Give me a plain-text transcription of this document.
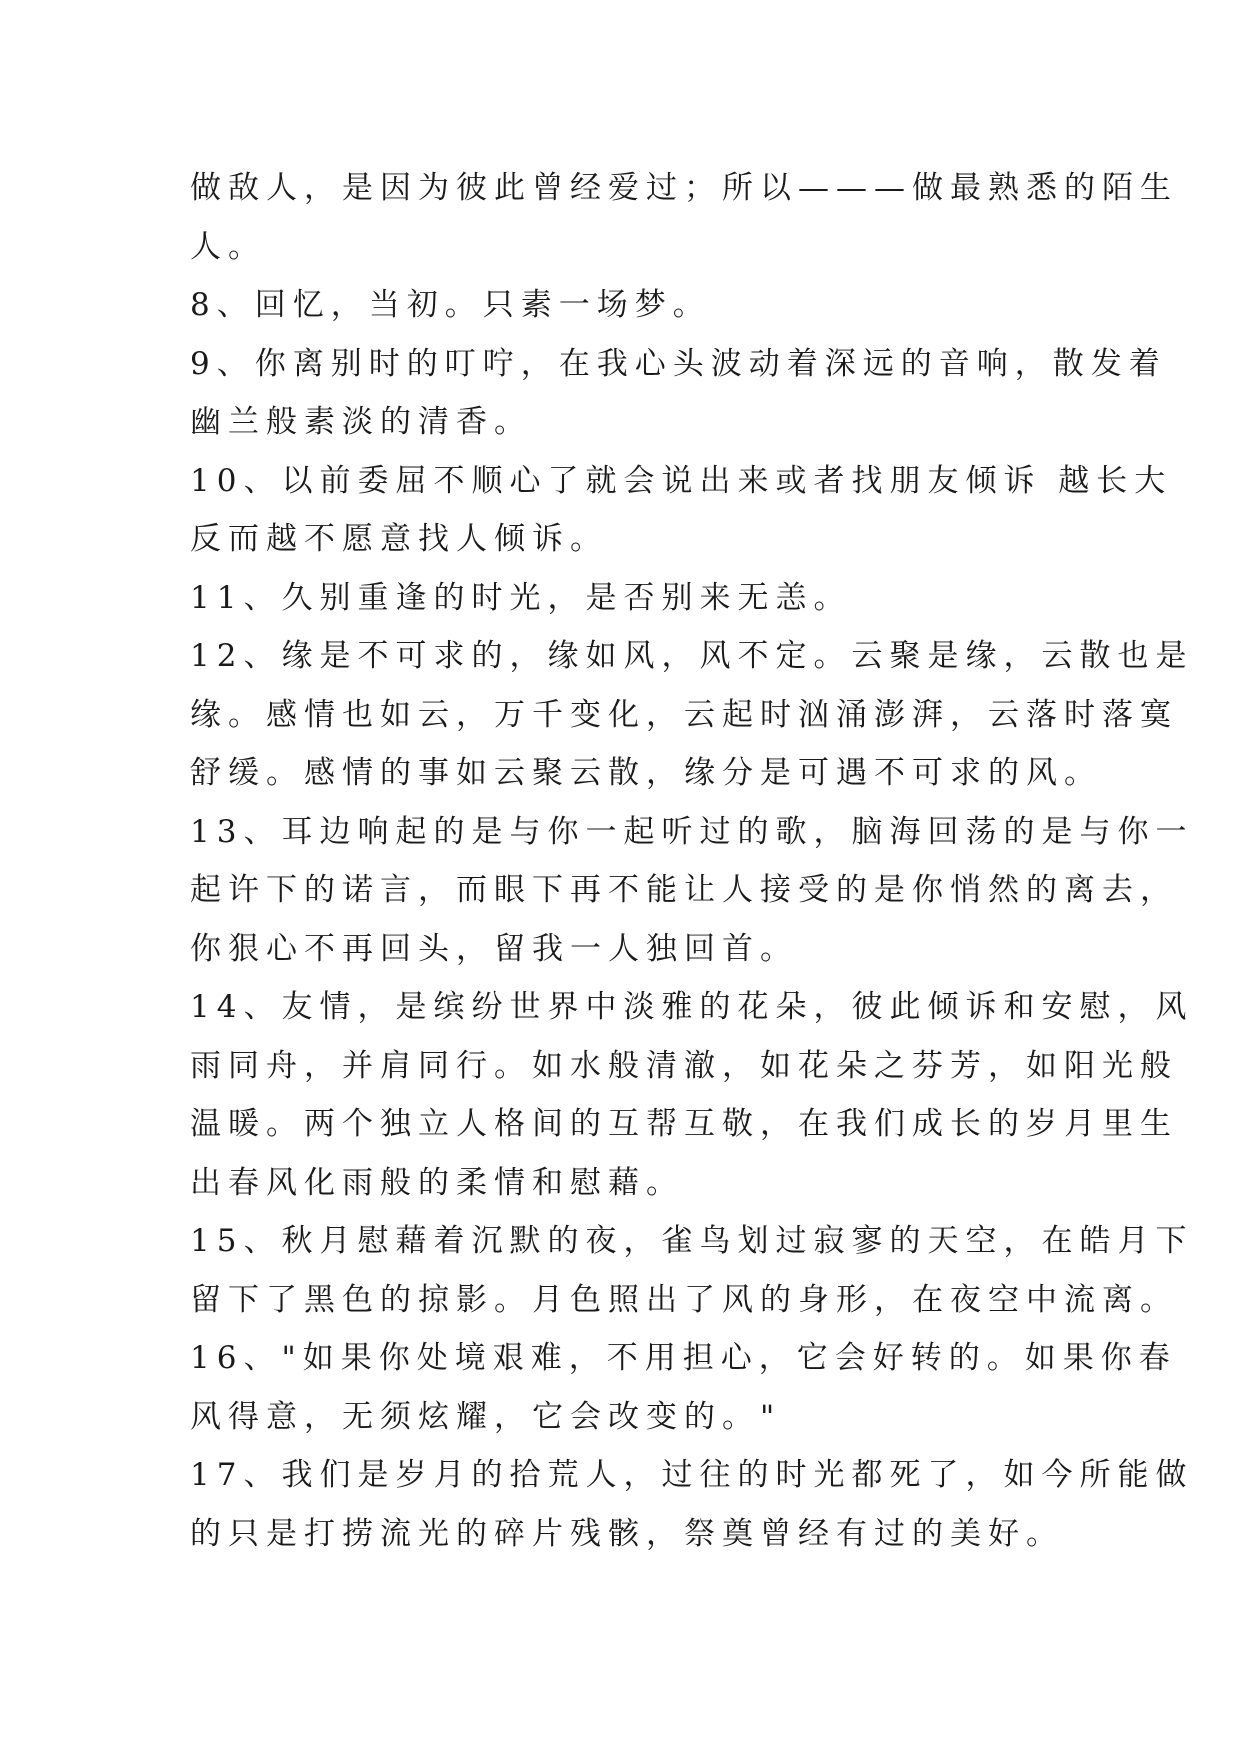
做敌人，是因为彼此曾经爱过；所以———做最熟悉的陌生

人。

8、回忆，当初。只素一场梦。

9、你离别时的叮咛，在我心头波动着深远的音响，散发着

幽兰般素淡的清香。

10、以前委屈不顺心了就会说出来或者找朋友倾诉 越长大

反而越不愿意找人倾诉。

11、久别重逢的时光，是否别来无恙。

12、缘是不可求的，缘如风，风不定。云聚是缘，云散也是

缘。感情也如云，万千变化，云起时汹涌澎湃，云落时落寞

舒缓。感情的事如云聚云散，缘分是可遇不可求的风。

13、耳边响起的是与你一起听过的歌，脑海回荡的是与你一

起许下的诺言，而眼下再不能让人接受的是你悄然的离去，

你狠心不再回头，留我一人独回首。

14、友情，是缤纷世界中淡雅的花朵，彼此倾诉和安慰，风

雨同舟，并肩同行。如水般清澈，如花朵之芬芳，如阳光般

温暖。两个独立人格间的互帮互敬，在我们成长的岁月里生

出春风化雨般的柔情和慰藉。

15、秋月慰藉着沉默的夜，雀鸟划过寂寥的天空，在皓月下

留下了黑色的掠影。月色照出了风的身形，在夜空中流离。

16、"如果你处境艰难，不用担心，它会好转的。如果你春

风得意，无须炫耀，它会改变的。"

17、我们是岁月的拾荒人，过往的时光都死了，如今所能做

的只是打捞流光的碎片残骸，祭奠曾经有过的美好。
